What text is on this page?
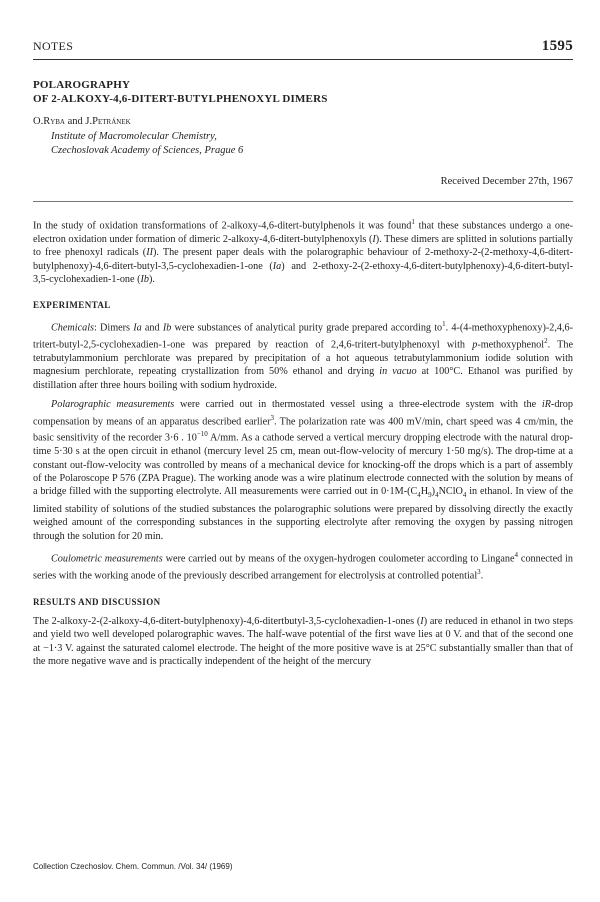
NOTES	1595
POLAROGRAPHY
OF 2-ALKOXY-4,6-DITERT-BUTYLPHENOXYL DIMERS
O.Ryba and J.Petránek
Institute of Macromolecular Chemistry,
Czechoslovak Academy of Sciences, Prague 6
Received December 27th, 1967

In the study of oxidation transformations of 2-alkoxy-4,6-ditert-butylphenols it was found$^1$ that these substances undergo a one-electron oxidation under formation of dimeric 2-alkoxy-4,6-ditert-butylphenoxyls (I). These dimers are splitted in solutions partially to free phenoxyl radicals (II). The present paper deals with the polarographic behaviour of 2-methoxy-2-(2-methoxy-4,6-ditert-butylphenoxy)-4,6-ditert-butyl-3,5-cyclohexadien-1-one (Ia) and 2-ethoxy-2-(2-ethoxy-4,6-ditert-butylphenoxy)-4,6-ditert-butyl-3,5-cyclohexadien-1-one (Ib).

EXPERIMENTAL

Chemicals: Dimers Ia and Ib were substances of analytical purity grade prepared according $to^1$. 4-(4-methoxyphenoxy)-2,4,6-tritert-butyl-2,5-cyclohexadien-1-one was prepared by reaction of 2,4,6-tritert-butylphenoxyl with p-methoxyphenol$^2$. The tetrabutylammonium perchlorate was prepared by precipitation of a hot aqueous tetrabutylammonium iodide solution with magnesium perchlorate, repeating crystallization from 50% ethanol and drying in vacuo at 100°C. Ethanol was purified by distillation after three hours boiling with sodium hydroxide.

Polarographic measurements were carried out in thermostated vessel using a three-electrode system with the iR-drop compensation by means of an apparatus described earlier$^3$. The polarization rate was 400 mV/min, chart speed was 4 cm/min, the basic sensitivity of the recorder 3·6 . $10^{-10}$ A/mm. As a cathode served a vertical mercury dropping electrode with the natural drop-time 5·30 s at the open circuit in ethanol (mercury level 25 cm, mean out-flow-velocity of mercury 1·50 mg/s). The drop-time at a constant out-flow-velocity was controlled by means of a mechanical device for knocking-off the drops which is a part of assembly of the Polaroscope P 576 (ZPA Prague). The working anode was a wire platinum electrode connected with the solution by means of a bridge filled with the supporting electrolyte. All measurements were carried out in $0\cdot 1M-(C_4H_9)_4NClO_4$ in ethanol. In view of the limited stability of solutions of the studied substances the polarographic solutions were prepared by dissolving directly the exactly weighed amount of the corresponding substances in the supporting electrolyte after removing the oxygen by passing nitrogen through the solution for 20 min.

Coulometric measurements were carried out by means of the oxygen-hydrogen coulometer according to Lingane$^4$ connected in series with the working anode of the previously described arrangement for electrolysis at controlled potential$^3$.

RESULTS AND DISCUSSION

The 2-alkoxy-2-(2-alkoxy-4,6-ditert-butylphenoxy)-4,6-ditertbutyl-3,5-cyclohexadien-1-ones (I) are reduced in ethanol in two steps and yield two well developed polarographic waves. The half-wave potential of the first wave lies at 0 V. and that of the second one at −1·3 V. against the saturated calomel electrode. The height of the more positive wave is at 25°C substantially smaller than that of the more negative wave and is practically independent of the height of the mercury

Collection Czechoslov. Chem. Commun. /Vol. 34/ (1969)
